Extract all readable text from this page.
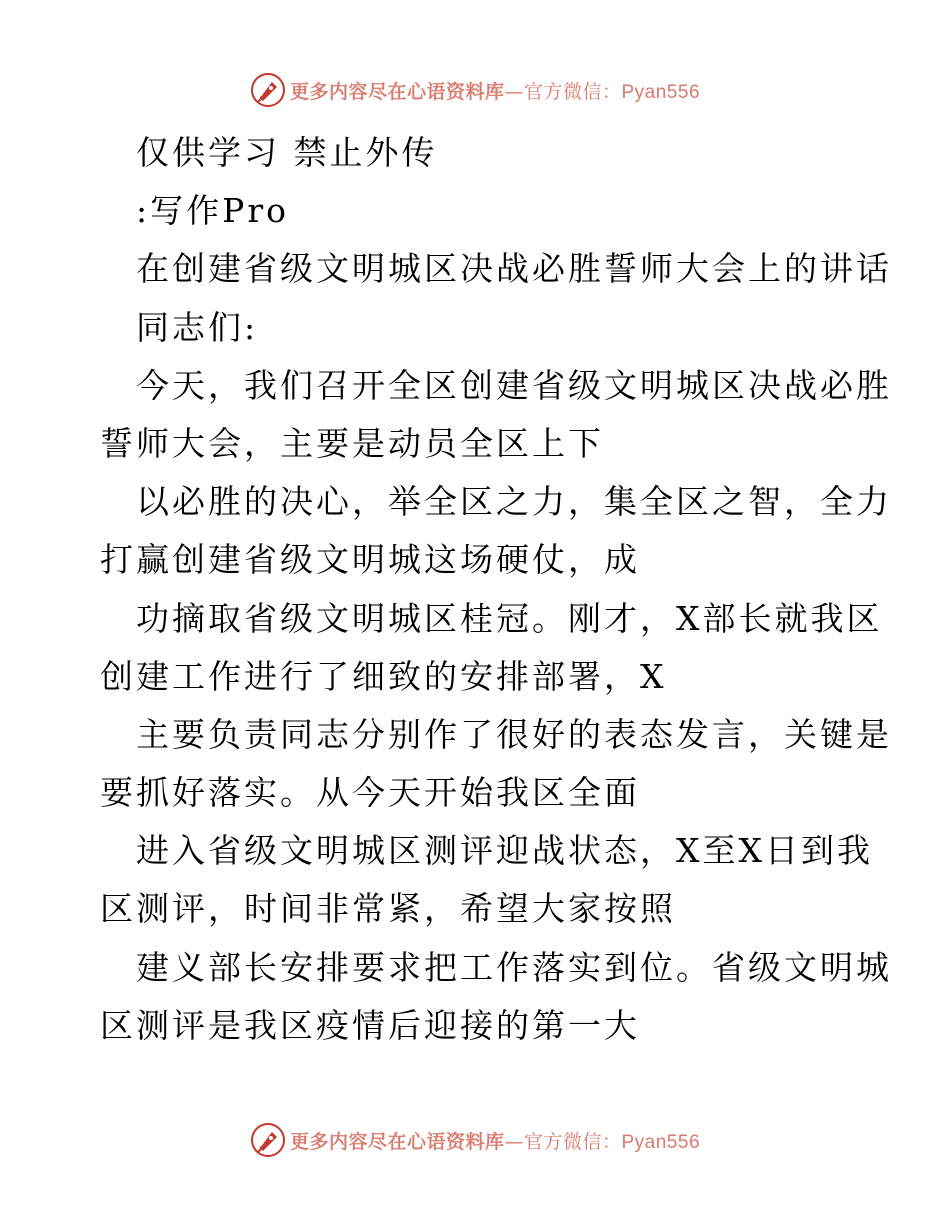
更多内容尽在心语资料库—官方微信：Pyan556
仅供学习 禁止外传
:写作Pro
在创建省级文明城区决战必胜誓师大会上的讲话
同志们:
今天，我们召开全区创建省级文明城区决战必胜
誓师大会，主要是动员全区上下
以必胜的决心，举全区之力，集全区之智，全力
打赢创建省级文明城这场硬仗，成
功摘取省级文明城区桂冠。刚才，X部长就我区
创建工作进行了细致的安排部署，X
主要负责同志分别作了很好的表态发言，关键是
要抓好落实。从今天开始我区全面
进入省级文明城区测评迎战状态，X至X日到我
区测评，时间非常紧，希望大家按照
建义部长安排要求把工作落实到位。省级文明城
区测评是我区疫情后迎接的第一大
更多内容尽在心语资料库—官方微信：Pyan556
